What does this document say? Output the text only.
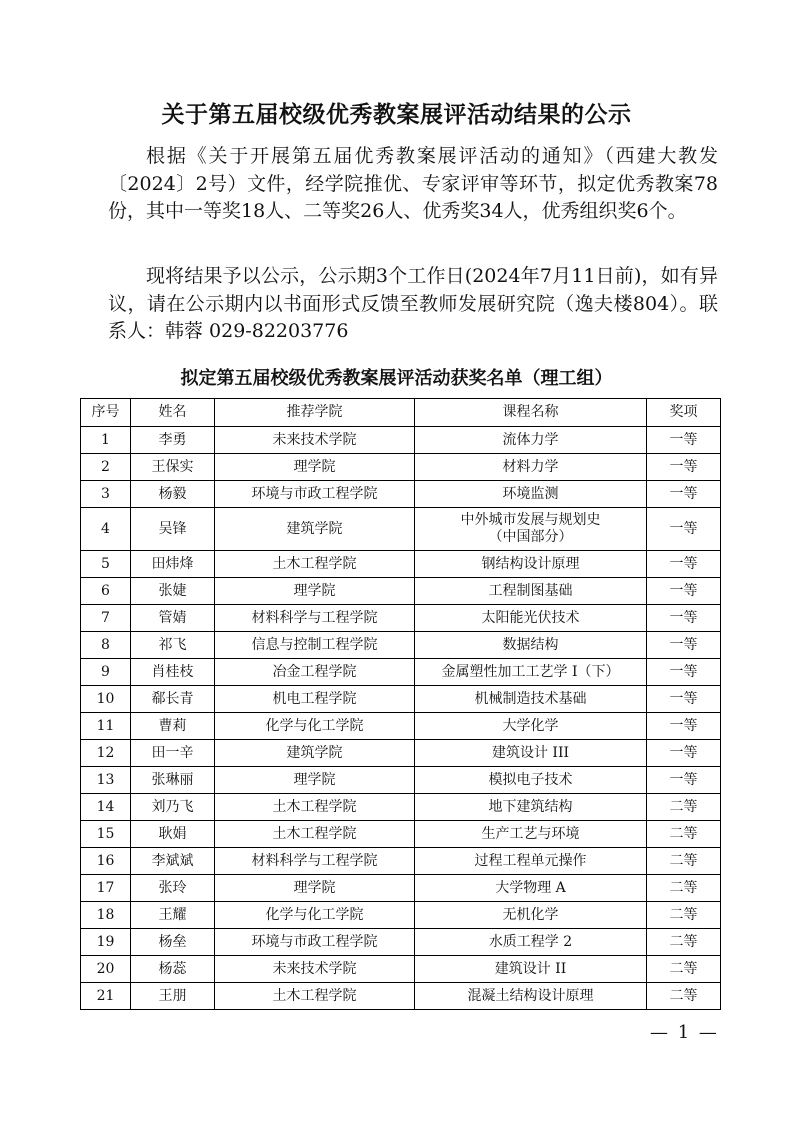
关于第五届校级优秀教案展评活动结果的公示
根据《关于开展第五届优秀教案展评活动的通知》（西建大教发〔2024〕2号）文件，经学院推优、专家评审等环节，拟定优秀教案78份，其中一等奖18人、二等奖26人、优秀奖34人，优秀组织奖6个。
现将结果予以公示，公示期3个工作日(2024年7月11日前)，如有异议，请在公示期内以书面形式反馈至教师发展研究院（逸夫楼804）。联系人：韩蓉 029-82203776
拟定第五届校级优秀教案展评活动获奖名单（理工组）
序号	姓名	推荐学院	课程名称	奖项
1	李勇	未来技术学院	流体力学	一等
2	王保实	理学院	材料力学	一等
3	杨毅	环境与市政工程学院	环境监测	一等
4	吴锋	建筑学院	中外城市发展与规划史
（中国部分）	一等
5	田炜烽	土木工程学院	钢结构设计原理	一等
6	张婕	理学院	工程制图基础	一等
7	管婧	材料科学与工程学院	太阳能光伏技术	一等
8	祁飞	信息与控制工程学院	数据结构	一等
9	肖桂枝	冶金工程学院	金属塑性加工工艺学 I（下）	一等
10	郗长青	机电工程学院	机械制造技术基础	一等
11	曹莉	化学与化工学院	大学化学	一等
12	田一辛	建筑学院	建筑设计 III	一等
13	张琳丽	理学院	模拟电子技术	一等
14	刘乃飞	土木工程学院	地下建筑结构	二等
15	耿娟	土木工程学院	生产工艺与环境	二等
16	李斌斌	材料科学与工程学院	过程工程单元操作	二等
17	张玲	理学院	大学物理 A	二等
18	王耀	化学与化工学院	无机化学	二等
19	杨垒	环境与市政工程学院	水质工程学 2	二等
20	杨蕊	未来技术学院	建筑设计 II	二等
21	王朋	土木工程学院	混凝土结构设计原理	二等
— 1 —
